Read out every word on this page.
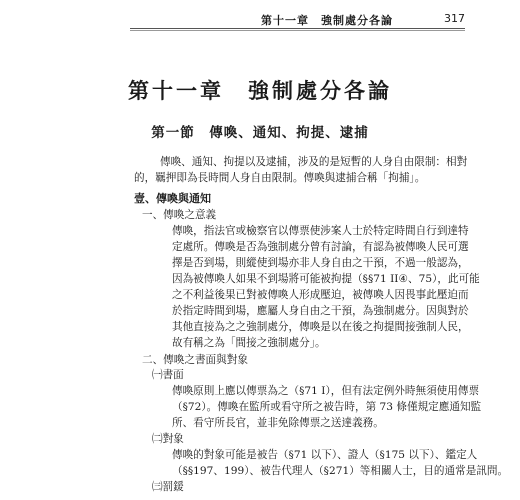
第十一章　強制處分各論	317
第十一章　強制處分各論
第一節　傳喚、通知、拘提、逮捕
傳喚、通知、拘提以及逮捕，涉及的是短暫的人身自由限制：相對
的，羈押即為長時間人身自由限制。傳喚與逮捕合稱「拘捕」。
壹、傳喚與通知
一、傳喚之意義
傳喚，指法官或檢察官以傳票使涉案人士於特定時間自行到達特
定處所。傳喚是否為強制處分曾有討論，有認為被傳喚人民可選
擇是否到場，則縱使到場亦非人身自由之干預，不過一般認為，
因為被傳喚人如果不到場將可能被拘提（§§71 II④、75），此可能
之不利益後果已對被傳喚人形成壓迫，被傳喚人因畏事此壓迫而
於指定時間到場，應屬人身自由之干預，為強制處分。因與對於
其他直接為之之強制處分，傳喚是以在後之拘提間接強制人民，
故有稱之為「間接之強制處分」。
二、傳喚之書面與對象
㈠書面
傳喚原則上應以傳票為之（§71 I），但有法定例外時無須使用傳票
（§72）。傳喚在監所或看守所之被告時，第 73 條僅規定應通知監
所、看守所長官，並非免除傳票之送達義務。
㈡對象
傳喚的對象可能是被告（§71 以下）、證人（§175 以下）、鑑定人
（§§197、199）、被告代理人（§271）等相關人士，目的通常是訊問。
㈢罰鍰
